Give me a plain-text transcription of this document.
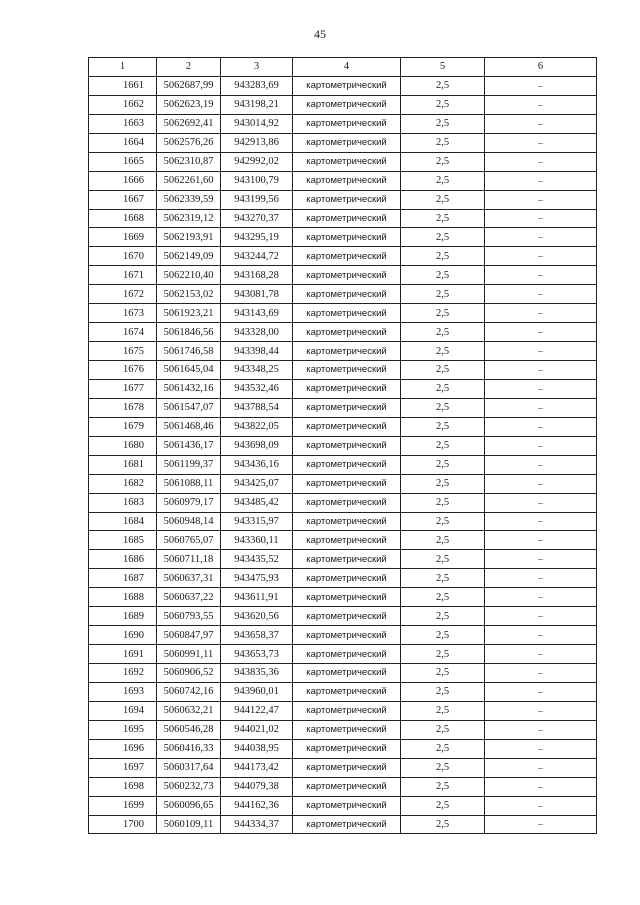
45
1	2	3	4	5	6
1661	5062687,99	943283,69	картометрический	2,5	–
1662	5062623,19	943198,21	картометрический	2,5	–
1663	5062692,41	943014,92	картометрический	2,5	–
1664	5062576,26	942913,86	картометрический	2,5	–
1665	5062310,87	942992,02	картометрический	2,5	–
1666	5062261,60	943100,79	картометрический	2,5	–
1667	5062339,59	943199,56	картометрический	2,5	–
1668	5062319,12	943270,37	картометрический	2,5	–
1669	5062193,91	943295,19	картометрический	2,5	–
1670	5062149,09	943244,72	картометрический	2,5	–
1671	5062210,40	943168,28	картометрический	2,5	–
1672	5062153,02	943081,78	картометрический	2,5	–
1673	5061923,21	943143,69	картометрический	2,5	–
1674	5061846,56	943328,00	картометрический	2,5	–
1675	5061746,58	943398,44	картометрический	2,5	–
1676	5061645,04	943348,25	картометрический	2,5	–
1677	5061432,16	943532,46	картометрический	2,5	–
1678	5061547,07	943788,54	картометрический	2,5	–
1679	5061468,46	943822,05	картометрический	2,5	–
1680	5061436,17	943698,09	картометрический	2,5	–
1681	5061199,37	943436,16	картометрический	2,5	–
1682	5061088,11	943425,07	картометрический	2,5	–
1683	5060979,17	943485,42	картометрический	2,5	–
1684	5060948,14	943315,97	картометрический	2,5	–
1685	5060765,07	943360,11	картометрический	2,5	–
1686	5060711,18	943435,52	картометрический	2,5	–
1687	5060637,31	943475,93	картометрический	2,5	–
1688	5060637,22	943611,91	картометрический	2,5	–
1689	5060793,55	943620,56	картометрический	2,5	–
1690	5060847,97	943658,37	картометрический	2,5	–
1691	5060991,11	943653,73	картометрический	2,5	–
1692	5060906,52	943835,36	картометрический	2,5	–
1693	5060742,16	943960,01	картометрический	2,5	–
1694	5060632,21	944122,47	картометрический	2,5	–
1695	5060546,28	944021,02	картометрический	2,5	–
1696	5060416,33	944038,95	картометрический	2,5	–
1697	5060317,64	944173,42	картометрический	2,5	–
1698	5060232,73	944079,38	картометрический	2,5	–
1699	5060096,65	944162,36	картометрический	2,5	–
1700	5060109,11	944334,37	картометрический	2,5	–
